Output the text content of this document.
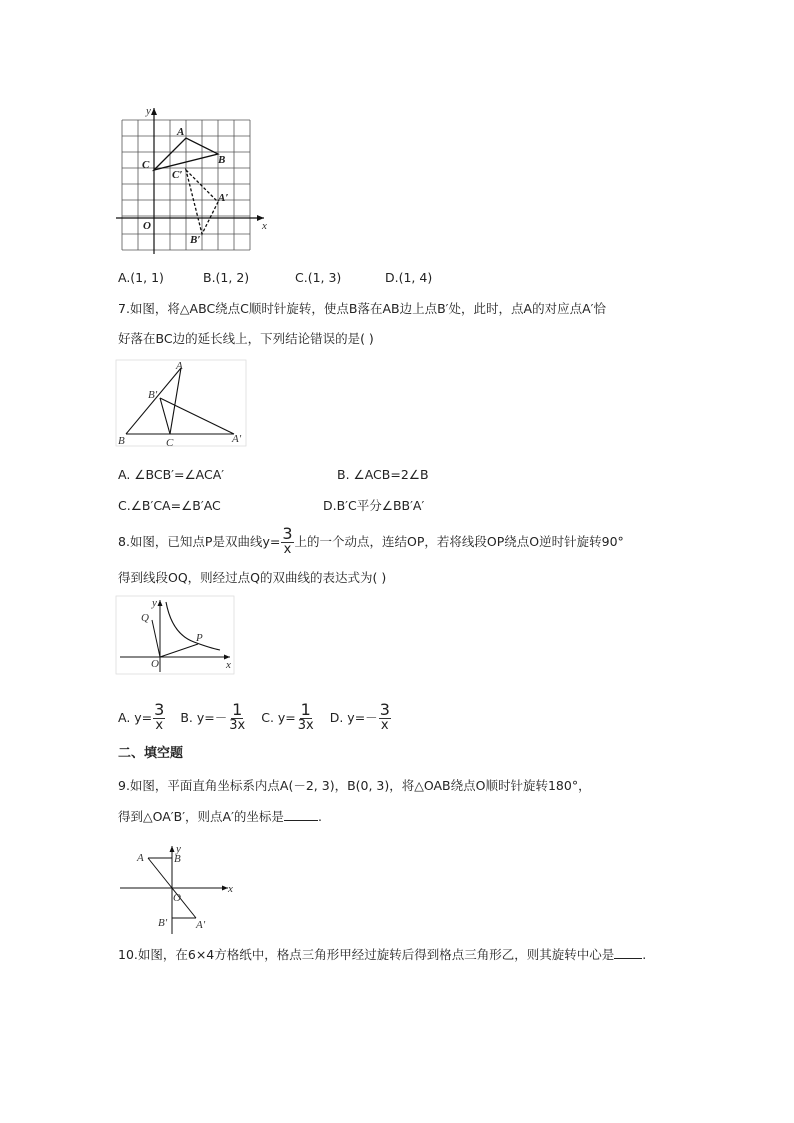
y
x
O
A
B
C
C′
A′
B′
A.(1, 1)	B.(1, 2)	C.(1, 3)	D.(1, 4)
7.如图，将△ABC绕点C顺时针旋转，使点B落在AB边上点B′处，此时，点A的对应点A′恰
好落在BC边的延长线上，下列结论错误的是( )
A
B′
B	C	A′
A. ∠BCB′=∠ACA′	B. ∠ACB=2∠B
C.∠B′CA=∠B′AC	D.B′C平分∠BB′A′
8.如图，已知点P是双曲线$y= \frac{3}{x}$ 上的一个动点，连结OP，若将线段OP绕点O逆时针旋转90°
得到线段OQ，则经过点Q的双曲线的表达式为( )
y
Q
P
O	x
A. $y= \frac{3}{x} B$. $y=- \frac{1}{3x} C$. $y= \frac{1}{3x} D$. $y=- \frac{3}{x}$
二、填空题
9.如图，平面直角坐标系内点A(－2, 3)，B(0, 3)，将△OAB绕点O顺时针旋转180°，
得到△OA′B′，则点A′的坐标是	.
y
A	B
O
x
B′	A′
10.如图，在6×4方格纸中，格点三角形甲经过旋转后得到格点三角形乙，则其旋转中心是 .
